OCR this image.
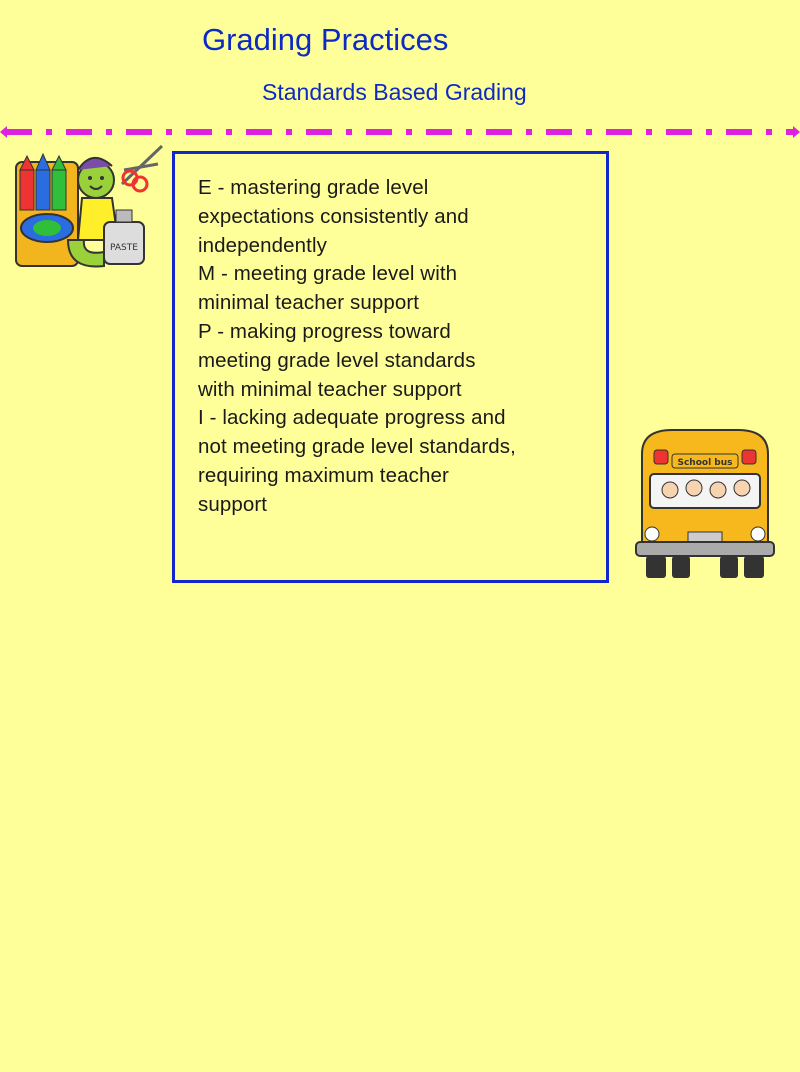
Grading Practices
Standards Based Grading
PASTE
E - mastering grade level
expectations consistently and
independently
M - meeting grade level with
minimal teacher support
P - making progress toward
meeting grade level standards
with minimal teacher support
I - lacking adequate progress and
not meeting grade level standards,
requiring maximum teacher
support
School bus
